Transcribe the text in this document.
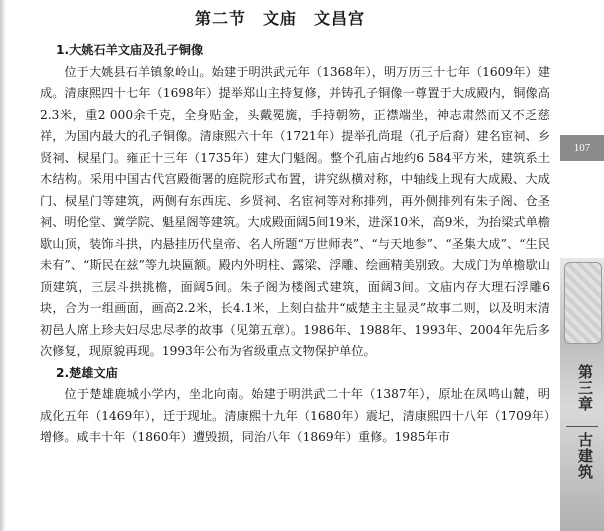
第二节　文庙　文昌宫
1.大姚石羊文庙及孔子铜像

位于大姚县石羊镇象岭山。始建于明洪武元年（1368年），明万历三十七年（1609年）建成。清康熙四十七年（1698年）提举郑山主持复修，并铸孔子铜像一尊置于大成殿内，铜像高2.3米，重2 000余千克，全身贴金，头戴冕旒，手持朝笏，正襟端坐，神志肃然而又不乏慈祥，为国内最大的孔子铜像。清康熙六十年（1721年）提举孔尚琨（孔子后裔）建名宦祠、乡贤祠、棂星门。雍正十三年（1735年）建大门魁阁。整个孔庙占地约6 584平方米，建筑系土木结构。采用中国古代宫殿衙署的庭院形式布置，讲究纵横对称，中轴线上现有大成殿、大成门、棂星门等建筑，两侧有东西庑、乡贤祠、名宦祠等对称排列，再外侧排列有朱子阁、仓圣祠、明伦堂、黉学院、魁星阁等建筑。大成殿面阔5间19米，进深10米，高9米，为抬梁式单檐歇山顶，装饰斗拱，内悬挂历代皇帝、名人所题“万世师表”、“与天地参”、“圣集大成”、“生民未有”、“斯民在兹”等九块匾额。殿内外明柱、露梁、浮雕、绘画精美别致。大成门为单檐歇山顶建筑，三层斗拱挑檐，面阔5间。朱子阁为楼阁式建筑，面阔3间。文庙内存大理石浮雕6块，合为一组画面，画高2.2米，长4.1米，上刻白盐井“威楚主主显灵”故事二则，以及明末清初邑人席上珍夫妇尽忠尽孝的故事（见第五章）。1986年、1988年、1993年、2004年先后多次修复，现原貌再现。1993年公布为省级重点文物保护单位。

2.楚雄文庙

位于楚雄鹿城小学内，坐北向南。始建于明洪武二十年（1387年），原址在凤鸣山麓，明成化五年（1469年），迁于现址。清康熙十九年（1680年）震圮，清康熙四十八年（1709年）增修。咸丰十年（1860年）遭毁损，同治八年（1869年）重修。1985年市

107
第三章
古建筑
